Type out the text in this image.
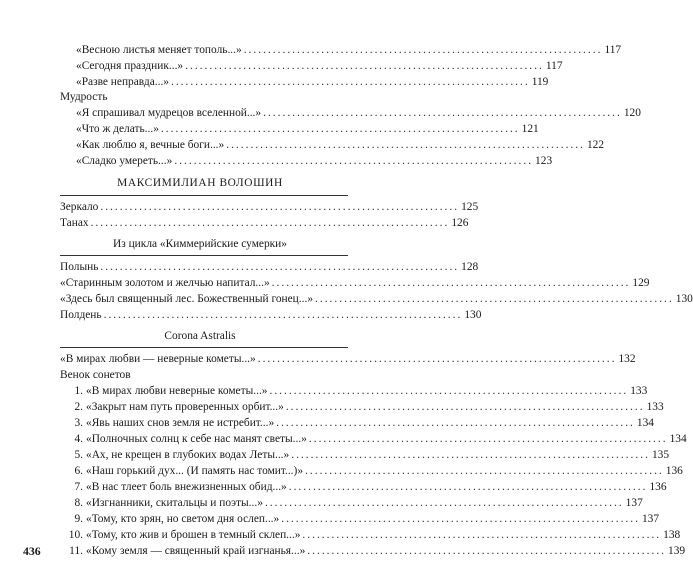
«Весною листья меняет тополь...» .......................................................................... 117
«Сегодня праздник...» .......................................................................... 117
«Разве неправда...» .......................................................................... 119
Мудрость
«Я спрашивал мудрецов вселенной...» .......................................................................... 120
«Что ж делать...» .......................................................................... 121
«Как люблю я, вечные боги...» .......................................................................... 122
«Сладко умереть...» .......................................................................... 123
МАКСИМИЛИАН ВОЛОШИН
Зеркало .......................................................................... 125
Танах .......................................................................... 126
Из цикла «Киммерийские сумерки»
Полынь .......................................................................... 128
«Старинным золотом и желчью напитал...» .......................................................................... 129
«Здесь был священный лес. Божественный гонец...» .......................................................................... 130
Полдень .......................................................................... 130
Corona Astralis
«В мирах любви — неверные кометы...» .......................................................................... 132
Венок сонетов
1. «В мирах любви неверные кометы...» .......................................................................... 133
2. «Закрыт нам путь проверенных орбит...» .......................................................................... 133
3. «Явь наших снов земля не истребит...» .......................................................................... 134
4. «Полночных солнц к себе нас манят светы...» .......................................................................... 134
5. «Ах, не крещен в глубоких водах Леты...» .......................................................................... 135
6. «Наш горький дух... (И память нас томит...)» .......................................................................... 136
7. «В нас тлеет боль внежизненных обид...» .......................................................................... 136
8. «Изгнанники, скитальцы и поэты...» .......................................................................... 137
9. «Тому, кто зрян, но светом дня ослеп...» .......................................................................... 137
10. «Тому, кто жив и брошен в темный склеп...» .......................................................................... 138
11. «Кому земля — священный край изгнанья...» .......................................................................... 139
436
